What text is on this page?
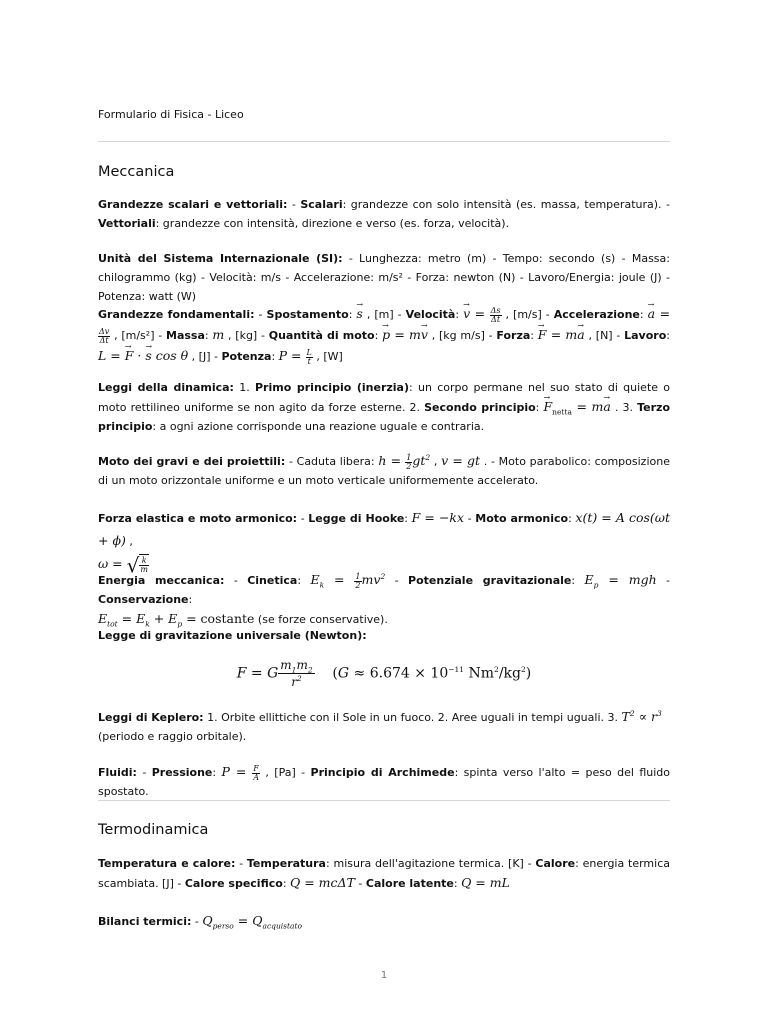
Formulario di Fisica - Liceo
Meccanica

Grandezze scalari e vettoriali: - Scalari: grandezze con solo intensità (es. massa, temperatura). - Vettoriali: grandezze con intensità, direzione e verso (es. forza, velocità).

Unità del Sistema Internazionale (SI): - Lunghezza: metro (m) - Tempo: secondo (s) - Massa: chilogrammo (kg) - Velocità: m/s - Accelerazione: m/s² - Forza: newton (N) - Lavoro/Energia: joule (J) - Potenza: watt (W)

Grandezze fondamentali: - Spostamento: → s , [m] - Velocità: → $v = \frac{\Delta s}{\Delta t}$ , [m/s] - Accelerazione: → a =
$\frac{\Delta v}{\Delta t}$ , [m/s²] - Massa: m , [kg] - Quantità di moto: → p = m→ v , [kg m/s] - Forza: → F = m→ a , [N] - Lavoro: L = → F · → s cos θ , [J] - Potenza: $P = \frac{L}{t}$ , [W]

Leggi della dinamica: 1. Primo principio (inerzia): un corpo permane nel suo stato di quiete o moto rettilineo uniforme se non agito da forze esterne. 2. Secondo principio: → $F_{netta} = m\to a$ . 3. Terzo principio: a ogni azione corrisponde una reazione uguale e contraria.

Moto dei gravi e dei proiettili: - Caduta libera: $h = \frac{1}{2} gt^2$ , v = gt . - Moto parabolico: composizione di un moto orizzontale uniforme e un moto verticale uniformemente accelerato.

Forza elastica e moto armonico: - Legge di Hooke: F = −kx - Moto armonico: x(t) = A cos(ωt + ϕ) ,
ω = √ $\frac{k}{m}$

Energia meccanica: - Cinetica: $E_k = \frac{1}{2} mv^2$ - Potenziale gravitazionale: $E_p$ = mgh - Conservazione:
$E_{tot} = E_k + E_p$ = costante (se forze conservative).

Legge di gravitazione universale (Newton):

F = G $\frac{m_1m_2}{r^2} (G \approx 6.674 \times 10^{-11}$ $Nm^2/kg^2$)

Leggi di Keplero: 1. Orbite ellittiche con il Sole in un fuoco. 2. Aree uguali in tempi uguali. 3. $T^2 \propto r^3$
(periodo e raggio orbitale).

Fluidi: - Pressione: $P = \frac{F}{A}$ , [Pa] - Principio di Archimede: spinta verso l'alto = peso del fluido spostato.

Termodinamica

Temperatura e calore: - Temperatura: misura dell'agitazione termica. [K] - Calore: energia termica scambiata. [J] - Calore specifico: Q = mcΔT - Calore latente: Q = mL

Bilanci termici: - $Q_{perso} = Q_{acquistato}$

1
